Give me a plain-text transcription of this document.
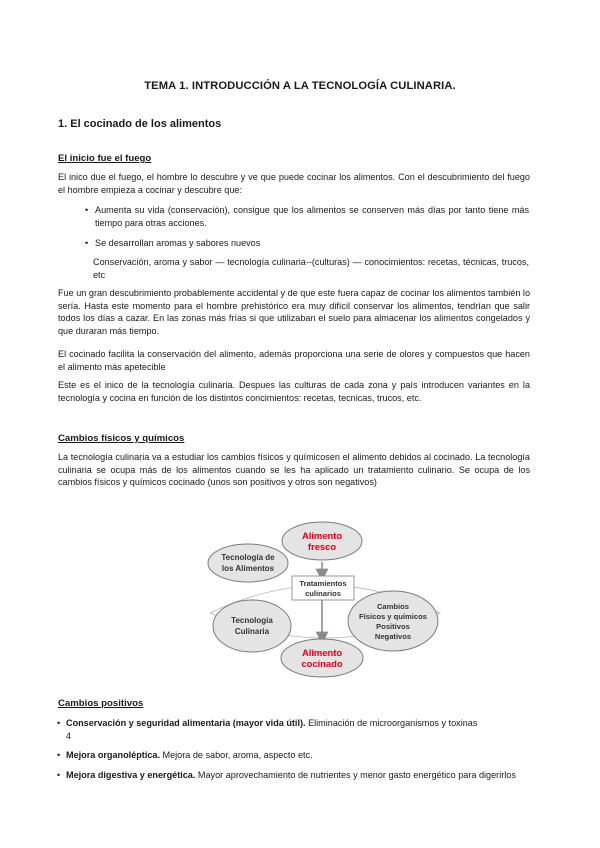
TEMA 1. INTRODUCCIÓN A LA TECNOLOGÍA CULINARIA.
1. El cocinado de los alimentos
El inicio fue el fuego
El inico due el fuego, el hombre lo descubre y ve que puede cocinar los alimentos. Con el descubrimiento del fuego el hombre empieza a cocinar y descubre que:
• Aumenta su vida (conservación), consigue que los alimentos se conserven más días por tanto tiene más tiempo para otras acciones.
• Se desarrollan aromas y sabores nuevos
Conservación, aroma y sabor — tecnología culinaria--(culturas) — conocimientos: recetas, técnicas, trucos, etc
Fue un gran descubrimiento probablemente accidental y de que este fuera capaz de cocinar los alimentos también lo sería. Hasta este momento para el hombre prehistórico era muy difícil conservar los alimentos, tendrían que salir todos los días a cazar. En las zonas más frías si que utilizaban el suelo para almacenar los alimentos congelados y que duraran más tiempo.
El cocinado facilita la conservación del alimento, además proporciona una serie de olores y compuestos que hacen el alimento más apetecible
Este es el inico de la tecnología culinaria. Despues las culturas de cada zona y país introducen variantes en la tecnología y cocina en función de los distintos concimientos: recetas, tecnicas, trucos, etc.
Cambios físicos y químicos
La tecnología culinaria va a estudiar los cambios físicos y químicosen el alimento debidos al cocinado. La tecnología culinaria se ocupa más de los alimentos cuando se les ha aplicado un tratamiento culinario. Se ocupa de los cambios físicos y químicos cocinado (unos son positivos y otros son negativos)
Alimento
fresco
Tecnología de
los Alimentos
Tratamientos
culinarios
Tecnología
Culinaria
Cambios
Físicos y químicos
Positivos
Negativos
Alimento
cocinado
Cambios positivos
• Conservación y seguridad alimentaria (mayor vida útil). Eliminación de microorganismos y toxinas
4
• Mejora organoléptica. Mejora de sabor, aroma, aspecto etc.
• Mejora digestiva y energética. Mayor aprovechamiento de nutrientes y menor gasto energético para digerirlos
